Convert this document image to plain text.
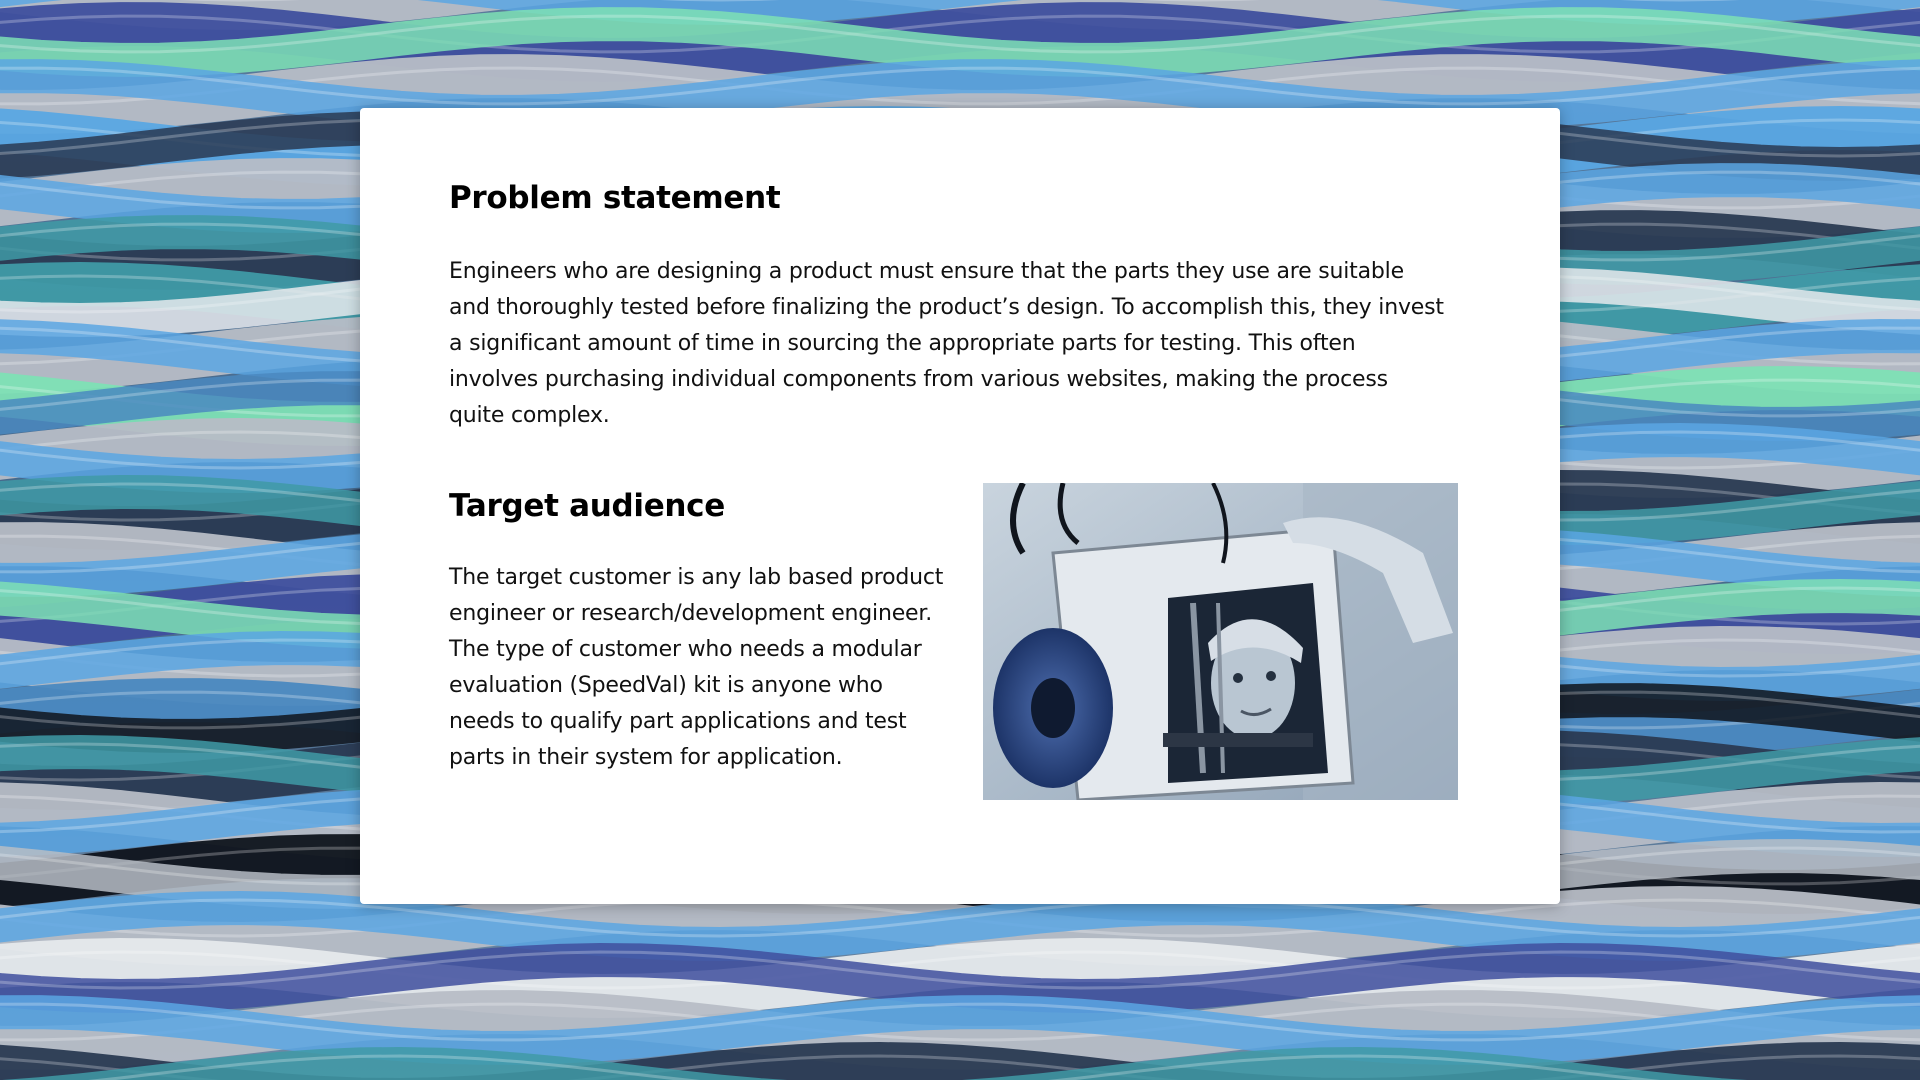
Problem statement

Engineers who are designing a product must ensure that the parts they use are suitable and thoroughly tested before finalizing the product’s design. To accomplish this, they invest a significant amount of time in sourcing the appropriate parts for testing. This often involves purchasing individual components from various websites, making the process quite complex.

Target audience

The target customer is any lab based product engineer or research/development engineer. The type of customer who needs a modular evaluation (SpeedVal) kit is anyone who needs to qualify part applications and test parts in their system for application.
